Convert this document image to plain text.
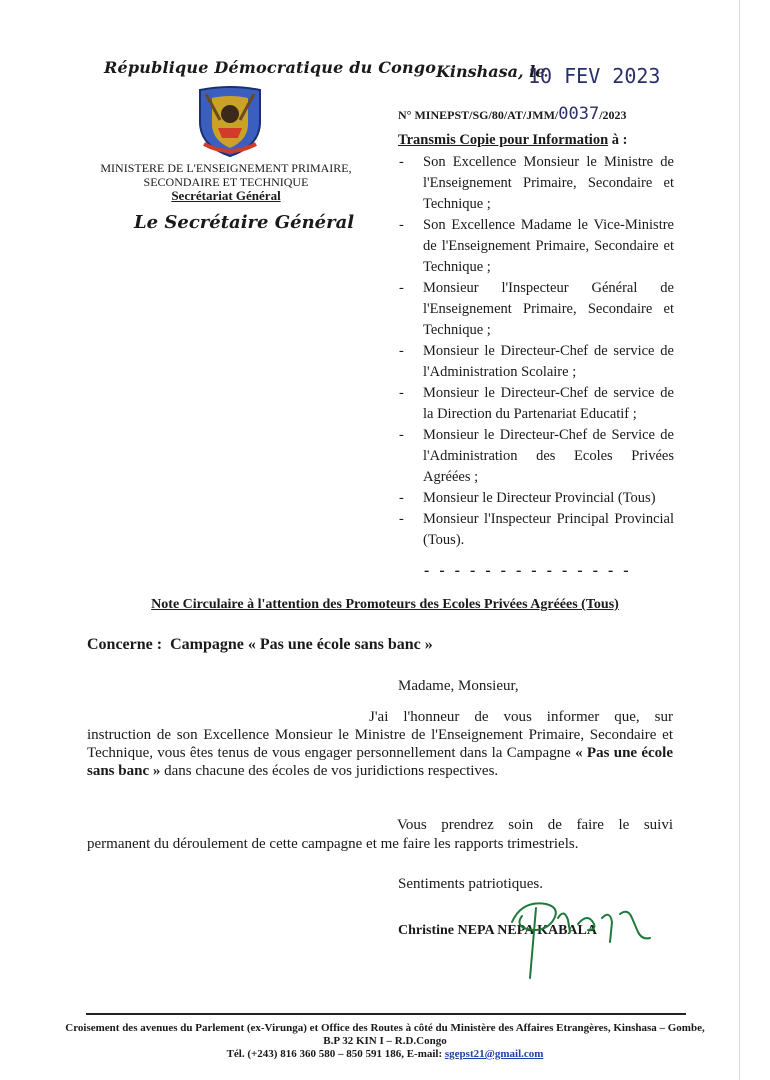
République Démocratique du Congo
MINISTERE DE L'ENSEIGNEMENT PRIMAIRE, SECONDAIRE ET TECHNIQUE
Secrétariat Général
Le Secrétaire Général
Kinshasa, le
10 FEV 2023
N° MINEPST/SG/80/AT/JMM/0037/2023
Transmis Copie pour Information à :
- Son Excellence Monsieur le Ministre de l'Enseignement Primaire, Secondaire et Technique ;
- Son Excellence Madame le Vice-Ministre de l'Enseignement Primaire, Secondaire et Technique ;
- Monsieur l'Inspecteur Général de l'Enseignement Primaire, Secondaire et Technique ;
- Monsieur le Directeur-Chef de service de l'Administration Scolaire ;
- Monsieur le Directeur-Chef de service de la Direction du Partenariat Educatif ;
- Monsieur le Directeur-Chef de Service de l'Administration des Ecoles Privées Agréées ;
- Monsieur le Directeur Provincial (Tous)
- Monsieur l'Inspecteur Principal Provincial (Tous).
- - - - - - - - - - - - - -
Note Circulaire à l'attention des Promoteurs des Ecoles Privées Agréées (Tous)
Concerne : Campagne « Pas une école sans banc »
Madame, Monsieur,

J'ai l'honneur de vous informer que, sur instruction de son Excellence Monsieur le Ministre de l'Enseignement Primaire, Secondaire et Technique, vous êtes tenus de vous engager personnellement dans la Campagne « Pas une école sans banc » dans chacune des écoles de vos juridictions respectives.

Vous prendrez soin de faire le suivi permanent du déroulement de cette campagne et me faire les rapports trimestriels.

Sentiments patriotiques.
Christine NEPA NEPA KABALA
Nepa
Croisement des avenues du Parlement (ex-Virunga) et Office des Routes à côté du Ministère des Affaires Etrangères, Kinshasa – Gombe, B.P 32 KIN I – R.D.Congo
Tél. (+243) 816 360 580 – 850 591 186, E-mail: sgepst21@gmail.com
